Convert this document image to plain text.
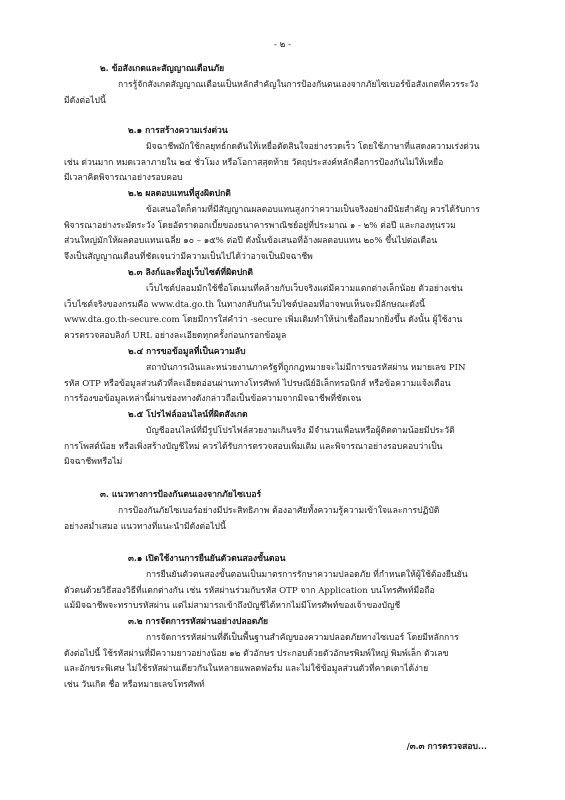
- ๒ -
๒. ข้อสังเกตและสัญญาณเตือนภัย
การรู้จักสังเกตสัญญาณเตือนเป็นหลักสำคัญในการป้องกันตนเองจากภัยไซเบอร์ข้อสังเกตที่ควรระวัง
มีดังต่อไปนี้
๒.๑ การสร้างความเร่งด่วน
มิจฉาชีพมักใช้กลยุทธ์กดดันให้เหยื่อตัดสินใจอย่างรวดเร็ว โดยใช้ภาษาที่แสดงความเร่งด่วน
เช่น ด่วนมาก หมดเวลาภายใน ๒๔ ชั่วโมง หรือโอกาสสุดท้าย วัตถุประสงค์หลักคือการป้องกันไม่ให้เหยื่อ
มีเวลาคิดพิจารณาอย่างรอบคอบ
๒.๒ ผลตอบแทนที่สูงผิดปกติ
ข้อเสนอใดก็ตามที่มีสัญญาณผลตอบแทนสูงกว่าความเป็นจริงอย่างมีนัยสำคัญ ควรได้รับการ
พิจารณาอย่างระมัดระวัง โดยอัตราดอกเบี้ยของธนาคารพาณิชย์อยู่ที่ประมาณ ๑ - ๒% ต่อปี และกองทุนรวม
ส่วนใหญ่มักให้ผลตอบแทนเฉลี่ย ๑๐ – ๑๕% ต่อปี ดังนั้นข้อเสนอที่อ้างผลตอบแทน ๒๐% ขึ้นไปต่อเดือน
จึงเป็นสัญญาณเตือนที่ชัดเจนว่ามีความเป็นไปได้ว่าอาจเป็นมิจฉาชีพ
๒.๓ ลิงก์และที่อยู่เว็บไซต์ที่ผิดปกติ
เว็บไซต์ปลอมมักใช้ชื่อโดเมนที่คล้ายกับเว็บจริงแต่มีความแตกต่างเล็กน้อย ตัวอย่างเช่น
เว็บไซต์จริงของกรมคือ www.dta.go.th ในทางกลับกันเว็บไซต์ปลอมที่อาจพบเห็นจะมีลักษณะดังนี้
www.dta.go.th-secure.com โดยมีการใส่คำว่า -secure เพิ่มเติมทำให้น่าเชื่อถือมากยิ่งขึ้น ดังนั้น ผู้ใช้งาน
ควรตรวจสอบลิงก์ URL อย่างละเอียดทุกครั้งก่อนกรอกข้อมูล
๒.๔ การขอข้อมูลที่เป็นความลับ
สถาบันการเงินและหน่วยงานภาครัฐที่ถูกกฎหมายจะไม่มีการขอรหัสผ่าน หมายเลข PIN
รหัส OTP หรือข้อมูลส่วนตัวที่ละเอียดอ่อนผ่านทางโทรศัพท์ ไปรษณีย์อิเล็กทรอนิกส์ หรือข้อความแจ้งเตือน
การร้องขอข้อมูลเหล่านี้ผ่านช่องทางดังกล่าวถือเป็นข้อความจากมิจฉาชีพที่ชัดเจน
๒.๕ โปรไฟล์ออนไลน์ที่ผิดสังเกต
บัญชีออนไลน์ที่มีรูปโปรไฟล์สวยงามเกินจริง มีจำนวนเพื่อนหรือผู้ติดตามน้อยมีประวัติ
การโพสต์น้อย หรือเพิ่งสร้างบัญชีใหม่ ควรได้รับการตรวจสอบเพิ่มเติม และพิจารณาอย่างรอบคอบว่าเป็น
มิจฉาชีพหรือไม่
๓. แนวทางการป้องกันตนเองจากภัยไซเบอร์
การป้องกันภัยไซเบอร์อย่างมีประสิทธิภาพ ต้องอาศัยทั้งความรู้ความเข้าใจและการปฏิบัติ
อย่างสม่ำเสมอ แนวทางที่แนะนำมีดังต่อไปนี้
๓.๑ เปิดใช้งานการยืนยันตัวตนสองขั้นตอน
การยืนยันตัวตนสองขั้นตอนเป็นมาตรการรักษาความปลอดภัย ที่กำหนดให้ผู้ใช้ต้องยืนยัน
ตัวตนด้วยวิธีสองวิธีที่แตกต่างกัน เช่น รหัสผ่านร่วมกับรหัส OTP จาก Application บนโทรศัพท์มือถือ
แม้มิจฉาชีพจะทราบรหัสผ่าน แต่ไม่สามารถเข้าถึงบัญชีได้หากไม่มีโทรศัพท์ของเจ้าของบัญชี
๓.๒ การจัดการรหัสผ่านอย่างปลอดภัย
การจัดการรหัสผ่านที่ดีเป็นพื้นฐานสำคัญของความปลอดภัยทางไซเบอร์ โดยมีหลักการ
ดังต่อไปนี้ ใช้รหัสผ่านที่มีความยาวอย่างน้อย ๑๒ ตัวอักษร ประกอบด้วยตัวอักษรพิมพ์ใหญ่ พิมพ์เล็ก ตัวเลข
และอักขระพิเศษ ไม่ใช้รหัสผ่านเดียวกันในหลายแพลตฟอร์ม และไม่ใช้ข้อมูลส่วนตัวที่คาดเดาได้ง่าย
เช่น วันเกิด ชื่อ หรือหมายเลขโทรศัพท์
/๓.๓ การตรวจสอบ...
